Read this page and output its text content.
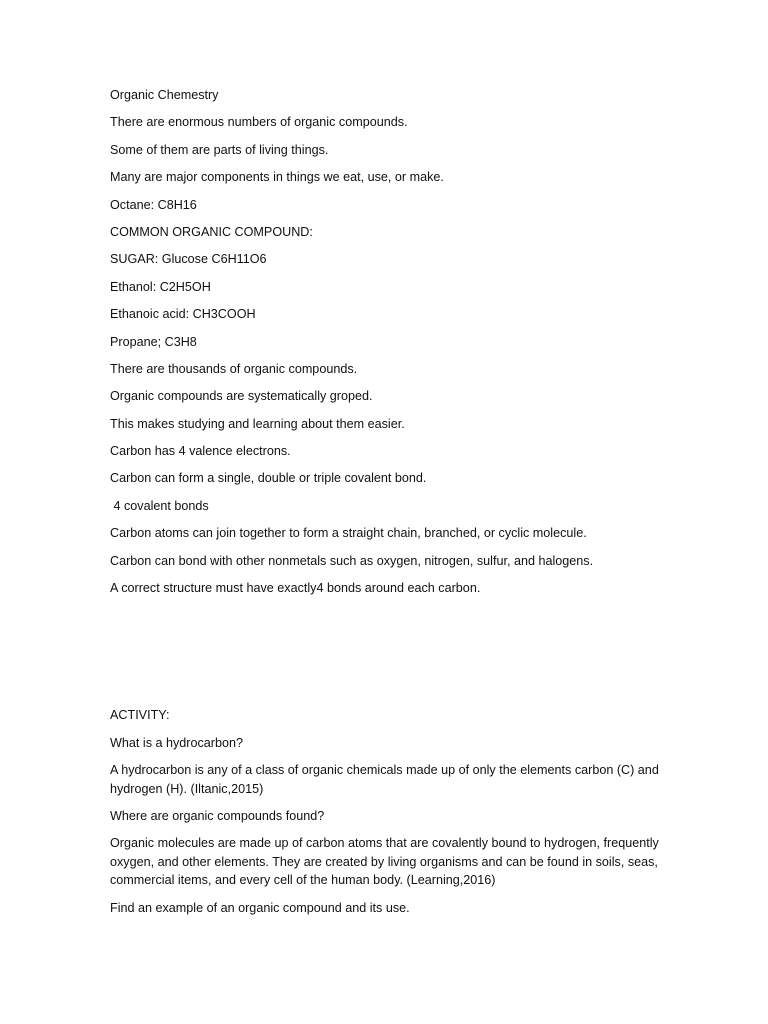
Organic Chemestry

There are enormous numbers of organic compounds.

Some of them are parts of living things.

Many are major components in things we eat, use, or make.

Octane: C8H16

COMMON ORGANIC COMPOUND:

SUGAR: Glucose C6H11O6

Ethanol: C2H5OH

Ethanoic acid: CH3COOH

Propane; C3H8

There are thousands of organic compounds.

Organic compounds are systematically groped.

This makes studying and learning about them easier.

Carbon has 4 valence electrons.

Carbon can form a single, double or triple covalent bond.

4 covalent bonds

Carbon atoms can join together to form a straight chain, branched, or cyclic molecule.

Carbon can bond with other nonmetals such as oxygen, nitrogen, sulfur, and halogens.

A correct structure must have exactly4 bonds around each carbon.

ACTIVITY:

What is a hydrocarbon?

A hydrocarbon is any of a class of organic chemicals made up of only the elements carbon (C) and hydrogen (H). (Iltanic,2015)

Where are organic compounds found?

Organic molecules are made up of carbon atoms that are covalently bound to hydrogen, frequently oxygen, and other elements. They are created by living organisms and can be found in soils, seas, commercial items, and every cell of the human body. (Learning,2016)

Find an example of an organic compound and its use.
